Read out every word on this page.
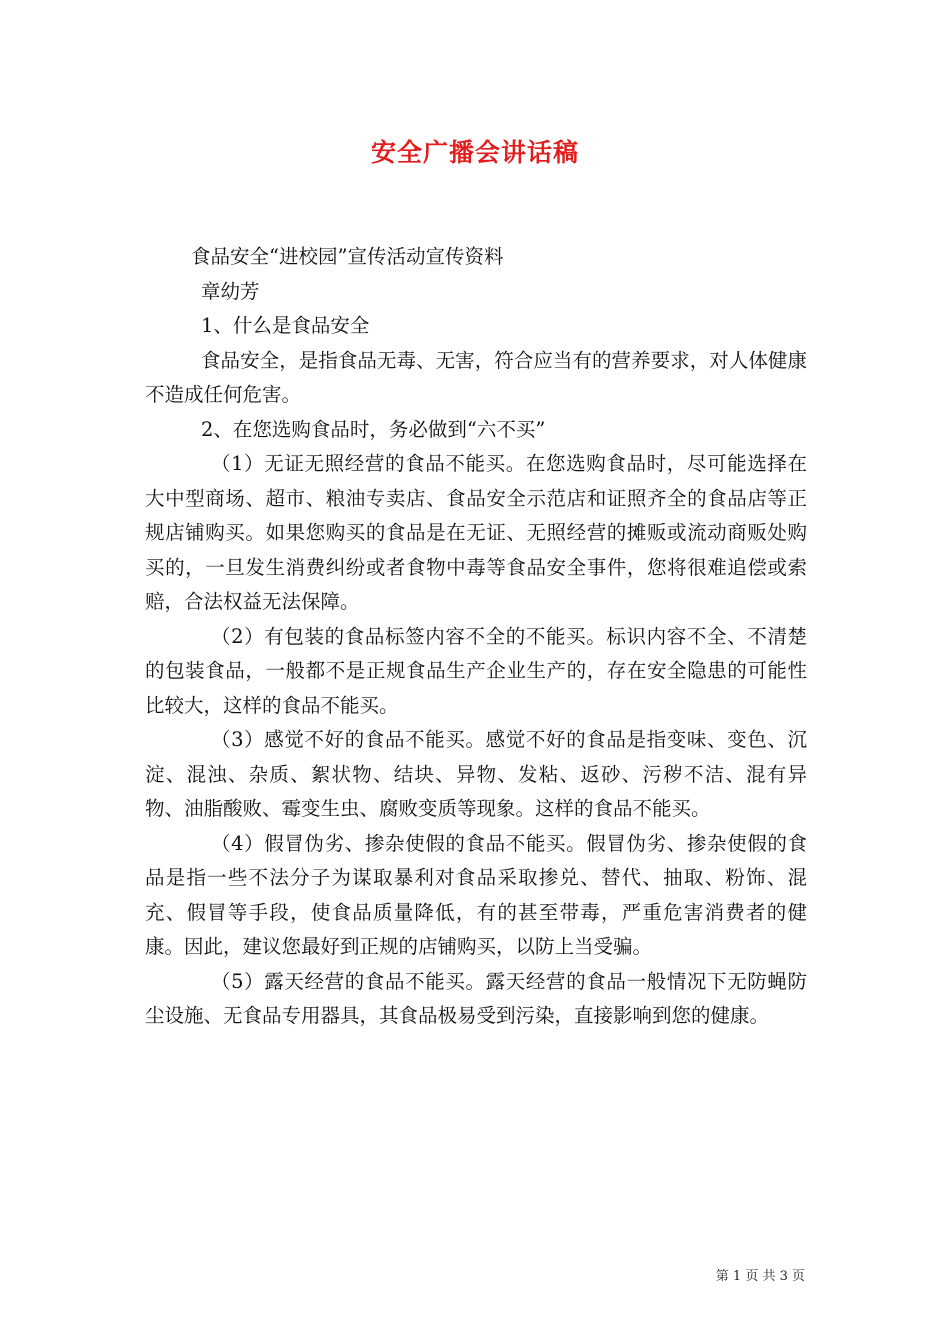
安全广播会讲话稿

食品安全“进校园”宣传活动宣传资料

章幼芳

1、什么是食品安全

食品安全，是指食品无毒、无害，符合应当有的营养要求，对人体健康不造成任何危害。

2、在您选购食品时，务必做到“六不买”

（1）无证无照经营的食品不能买。在您选购食品时，尽可能选择在大中型商场、超市、粮油专卖店、食品安全示范店和证照齐全的食品店等正规店铺购买。如果您购买的食品是在无证、无照经营的摊贩或流动商贩处购买的，一旦发生消费纠纷或者食物中毒等食品安全事件，您将很难追偿或索赔，合法权益无法保障。

（2）有包装的食品标签内容不全的不能买。标识内容不全、不清楚的包装食品，一般都不是正规食品生产企业生产的，存在安全隐患的可能性比较大，这样的食品不能买。

（3）感觉不好的食品不能买。感觉不好的食品是指变味、变色、沉淀、混浊、杂质、絮状物、结块、异物、发粘、返砂、污秽不洁、混有异物、油脂酸败、霉变生虫、腐败变质等现象。这样的食品不能买。

（4）假冒伪劣、掺杂使假的食品不能买。假冒伪劣、掺杂使假的食品是指一些不法分子为谋取暴利对食品采取掺兑、替代、抽取、粉饰、混充、假冒等手段，使食品质量降低，有的甚至带毒，严重危害消费者的健康。因此，建议您最好到正规的店铺购买，以防上当受骗。

（5）露天经营的食品不能买。露天经营的食品一般情况下无防蝇防尘设施、无食品专用器具，其食品极易受到污染，直接影响到您的健康。

第 1 页 共 3 页
